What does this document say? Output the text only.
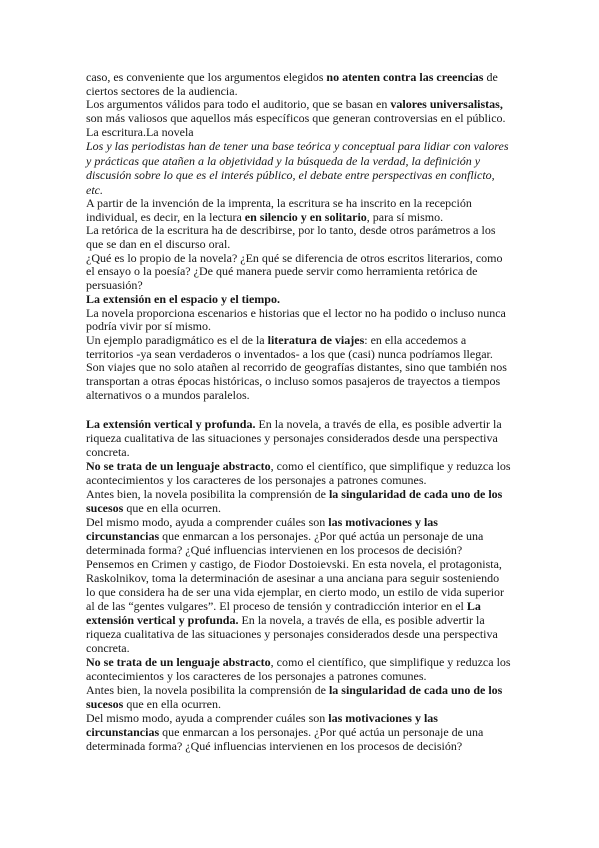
caso, es conveniente que los argumentos elegidos no atenten contra las creencias de
ciertos sectores de la audiencia.
Los argumentos válidos para todo el auditorio, que se basan en valores universalistas,
son más valiosos que aquellos más específicos que generan controversias en el público.
La escritura.La novela
Los y las periodistas han de tener una base teórica y conceptual para lidiar con valores
y prácticas que atañen a la objetividad y la búsqueda de la verdad, la definición y
discusión sobre lo que es el interés público, el debate entre perspectivas en conflicto,
etc.
A partir de la invención de la imprenta, la escritura se ha inscrito en la recepción
individual, es decir, en la lectura en silencio y en solitario, para sí mismo.
La retórica de la escritura ha de describirse, por lo tanto, desde otros parámetros a los
que se dan en el discurso oral.
¿Qué es lo propio de la novela? ¿En qué se diferencia de otros escritos literarios, como
el ensayo o la poesía? ¿De qué manera puede servir como herramienta retórica de
persuasión?
La extensión en el espacio y el tiempo.
La novela proporciona escenarios e historias que el lector no ha podido o incluso nunca
podría vivir por sí mismo.
Un ejemplo paradigmático es el de la literatura de viajes: en ella accedemos a
territorios -ya sean verdaderos o inventados- a los que (casi) nunca podríamos llegar.
Son viajes que no solo atañen al recorrido de geografías distantes, sino que también nos
transportan a otras épocas históricas, o incluso somos pasajeros de trayectos a tiempos
alternativos o a mundos paralelos.
La extensión vertical y profunda. En la novela, a través de ella, es posible advertir la
riqueza cualitativa de las situaciones y personajes considerados desde una perspectiva
concreta.
No se trata de un lenguaje abstracto, como el científico, que simplifique y reduzca los
acontecimientos y los caracteres de los personajes a patrones comunes.
Antes bien, la novela posibilita la comprensión de la singularidad de cada uno de los
sucesos que en ella ocurren.
Del mismo modo, ayuda a comprender cuáles son las motivaciones y las
circunstancias que enmarcan a los personajes. ¿Por qué actúa un personaje de una
determinada forma? ¿Qué influencias intervienen en los procesos de decisión?
Pensemos en Crimen y castigo, de Fiodor Dostoievski. En esta novela, el protagonista,
Raskolnikov, toma la determinación de asesinar a una anciana para seguir sosteniendo
lo que considera ha de ser una vida ejemplar, en cierto modo, un estilo de vida superior
al de las “gentes vulgares”. El proceso de tensión y contradicción interior en el La
extensión vertical y profunda. En la novela, a través de ella, es posible advertir la
riqueza cualitativa de las situaciones y personajes considerados desde una perspectiva
concreta.
No se trata de un lenguaje abstracto, como el científico, que simplifique y reduzca los
acontecimientos y los caracteres de los personajes a patrones comunes.
Antes bien, la novela posibilita la comprensión de la singularidad de cada uno de los
sucesos que en ella ocurren.
Del mismo modo, ayuda a comprender cuáles son las motivaciones y las
circunstancias que enmarcan a los personajes. ¿Por qué actúa un personaje de una
determinada forma? ¿Qué influencias intervienen en los procesos de decisión?
